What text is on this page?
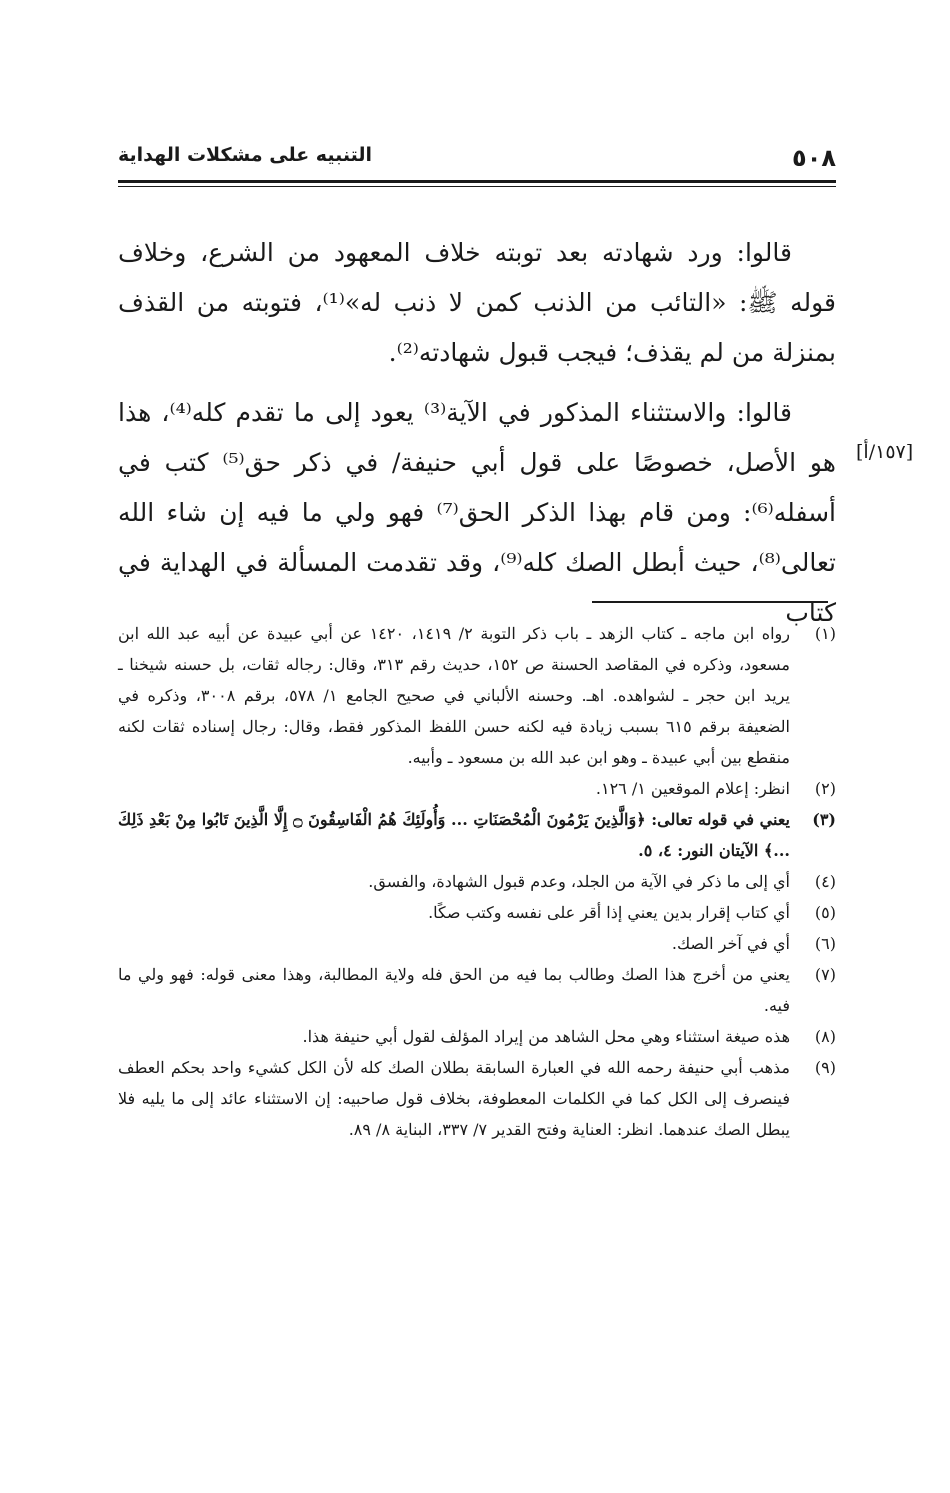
٥٠٨
التنبيه على مشكلات الهداية
[١٥٧/أ]

قالوا: ورد شهادته بعد توبته خلاف المعهود من الشرع، وخلاف قوله ﷺ: «التائب من الذنب كمن لا ذنب له»⁽¹⁾، فتوبته من القذف بمنزلة من لم يقذف؛ فيجب قبول شهادته⁽²⁾.

قالوا: والاستثناء المذكور في الآية⁽³⁾ يعود إلى ما تقدم كله⁽⁴⁾، هذا هو الأصل، خصوصًا على قول أبي حنيفة/ في ذكر حق⁽⁵⁾ كتب في أسفله⁽⁶⁾: ومن قام بهذا الذكر الحق⁽⁷⁾ فهو ولي ما فيه إن شاء الله تعالى⁽⁸⁾، حيث أبطل الصك كله⁽⁹⁾، وقد تقدمت المسألة في الهداية في كتاب

(١)
رواه ابن ماجه ـ كتاب الزهد ـ باب ذكر التوبة ٢/ ١٤١٩، ١٤٢٠ عن أبي عبيدة عن أبيه عبد الله ابن مسعود، وذكره في المقاصد الحسنة ص ١٥٢، حديث رقم ٣١٣، وقال: رجاله ثقات، بل حسنه شيخنا ـ يريد ابن حجر ـ لشواهده. اهـ. وحسنه الألباني في صحيح الجامع ١/ ٥٧٨، برقم ٣٠٠٨، وذكره في الضعيفة برقم ٦١٥ بسبب زيادة فيه لكنه حسن اللفظ المذكور فقط، وقال: رجال إسناده ثقات لكنه منقطع بين أبي عبيدة ـ وهو ابن عبد الله بن مسعود ـ وأبيه.
(٢)
انظر: إعلام الموقعين ١/ ١٢٦.
(٣)
يعني في قوله تعالى: ﴿وَالَّذِينَ يَرْمُونَ الْمُحْصَنَاتِ ... وَأُولَئِكَ هُمُ الْفَاسِقُونَ ۝ إِلَّا الَّذِينَ تَابُوا مِنْ بَعْدِ ذَلِكَ ...﴾ الآيتان النور: ٤، ٥.
(٤)
أي إلى ما ذكر في الآية من الجلد، وعدم قبول الشهادة، والفسق.
(٥)
أي كتاب إقرار بدين يعني إذا أقر على نفسه وكتب صكًا.
(٦)
أي في آخر الصك.
(٧)
يعني من أخرج هذا الصك وطالب بما فيه من الحق فله ولاية المطالبة، وهذا معنى قوله: فهو ولي ما فيه.
(٨)
هذه صيغة استثناء وهي محل الشاهد من إيراد المؤلف لقول أبي حنيفة هذا.
(٩)
مذهب أبي حنيفة رحمه الله في العبارة السابقة بطلان الصك كله لأن الكل كشيء واحد بحكم العطف فينصرف إلى الكل كما في الكلمات المعطوفة، بخلاف قول صاحبيه: إن الاستثناء عائد إلى ما يليه فلا يبطل الصك عندهما. انظر: العناية وفتح القدير ٧/ ٣٣٧، البناية ٨/ ٨٩.
